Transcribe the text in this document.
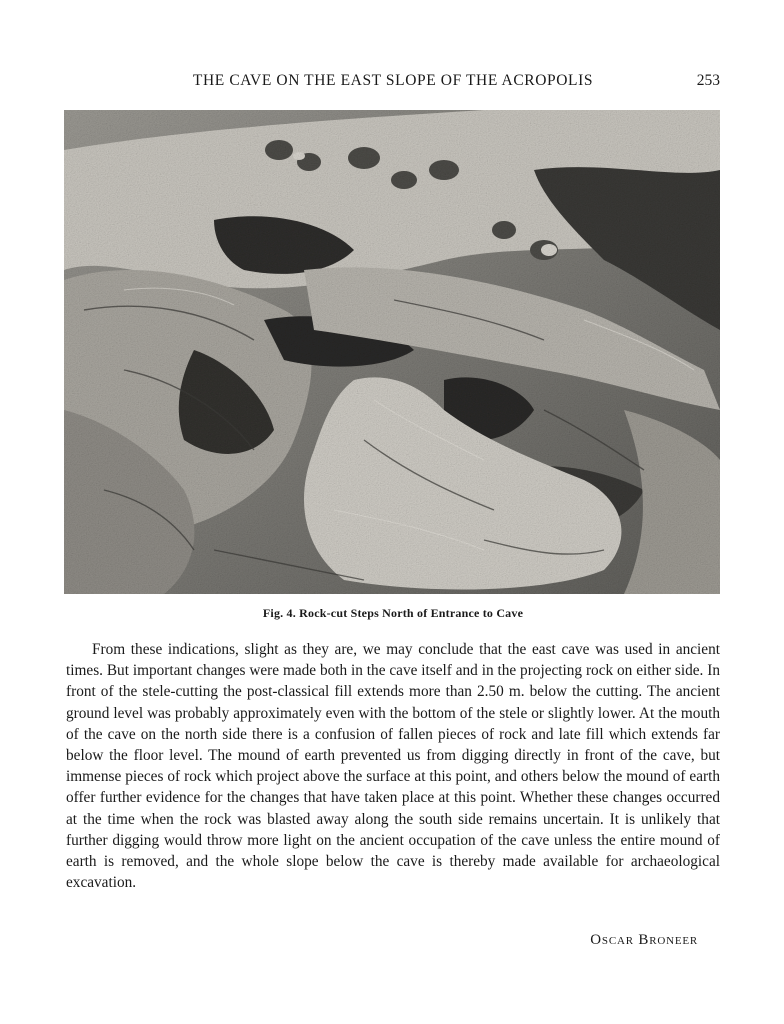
THE CAVE ON THE EAST SLOPE OF THE ACROPOLIS	253
Fig. 4. Rock-cut Steps North of Entrance to Cave

From these indications, slight as they are, we may conclude that the east cave was used in ancient times. But important changes were made both in the cave itself and in the projecting rock on either side. In front of the stele-cutting the post-classical fill extends more than 2.50 m. below the cutting. The ancient ground level was probably approximately even with the bottom of the stele or slightly lower. At the mouth of the cave on the north side there is a confusion of fallen pieces of rock and late fill which extends far below the floor level. The mound of earth prevented us from digging directly in front of the cave, but immense pieces of rock which project above the surface at this point, and others below the mound of earth offer further evidence for the changes that have taken place at this point. Whether these changes occurred at the time when the rock was blasted away along the south side remains uncertain. It is unlikely that further digging would throw more light on the ancient occupation of the cave unless the entire mound of earth is removed, and the whole slope below the cave is thereby made available for archaeological excavation.

Oscar Broneer
